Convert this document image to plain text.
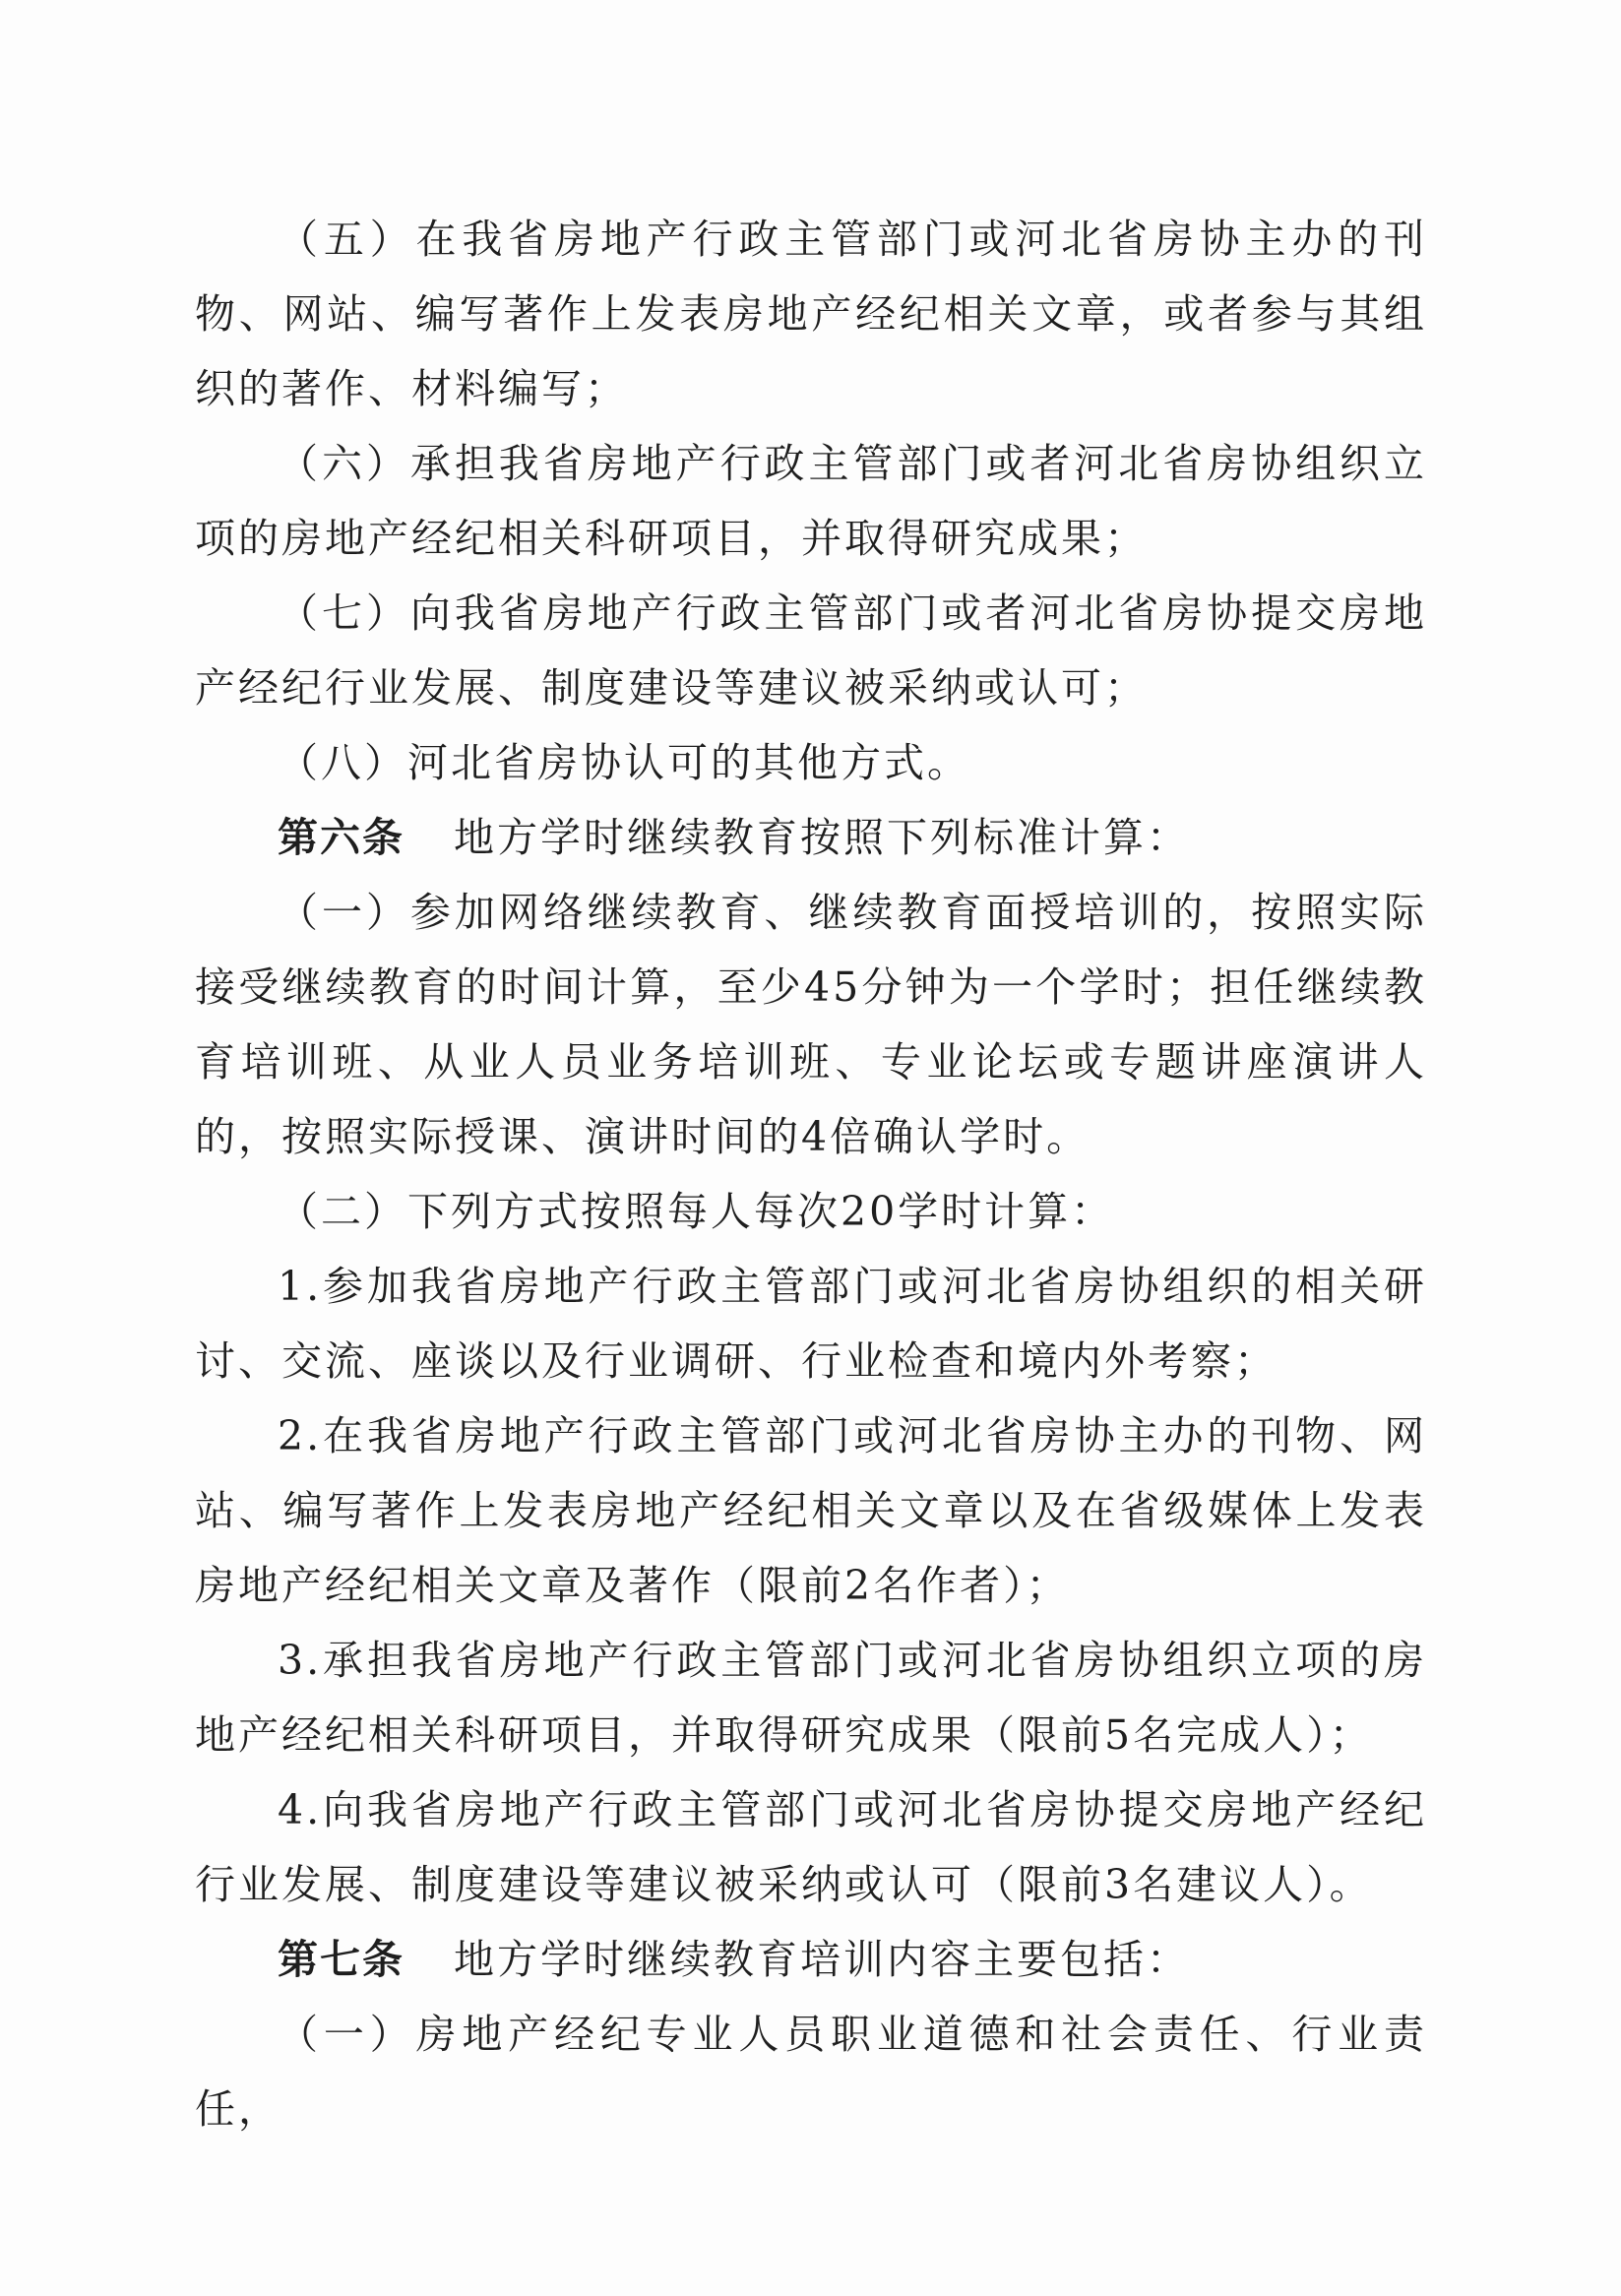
（五）在我省房地产行政主管部门或河北省房协主办的刊物、网站、编写著作上发表房地产经纪相关文章，或者参与其组织的著作、材料编写；

（六）承担我省房地产行政主管部门或者河北省房协组织立项的房地产经纪相关科研项目，并取得研究成果；

（七）向我省房地产行政主管部门或者河北省房协提交房地产经纪行业发展、制度建设等建议被采纳或认可；

（八）河北省房协认可的其他方式。

第六条 地方学时继续教育按照下列标准计算：

（一）参加网络继续教育、继续教育面授培训的，按照实际接受继续教育的时间计算，至少45分钟为一个学时；担任继续教育培训班、从业人员业务培训班、专业论坛或专题讲座演讲人的，按照实际授课、演讲时间的4倍确认学时。

（二）下列方式按照每人每次20学时计算：

1.参加我省房地产行政主管部门或河北省房协组织的相关研讨、交流、座谈以及行业调研、行业检查和境内外考察；

2.在我省房地产行政主管部门或河北省房协主办的刊物、网站、编写著作上发表房地产经纪相关文章以及在省级媒体上发表房地产经纪相关文章及著作（限前2名作者）；

3.承担我省房地产行政主管部门或河北省房协组织立项的房地产经纪相关科研项目，并取得研究成果（限前5名完成人）；

4.向我省房地产行政主管部门或河北省房协提交房地产经纪行业发展、制度建设等建议被采纳或认可（限前3名建议人）。

第七条 地方学时继续教育培训内容主要包括：

（一）房地产经纪专业人员职业道德和社会责任、行业责任，
